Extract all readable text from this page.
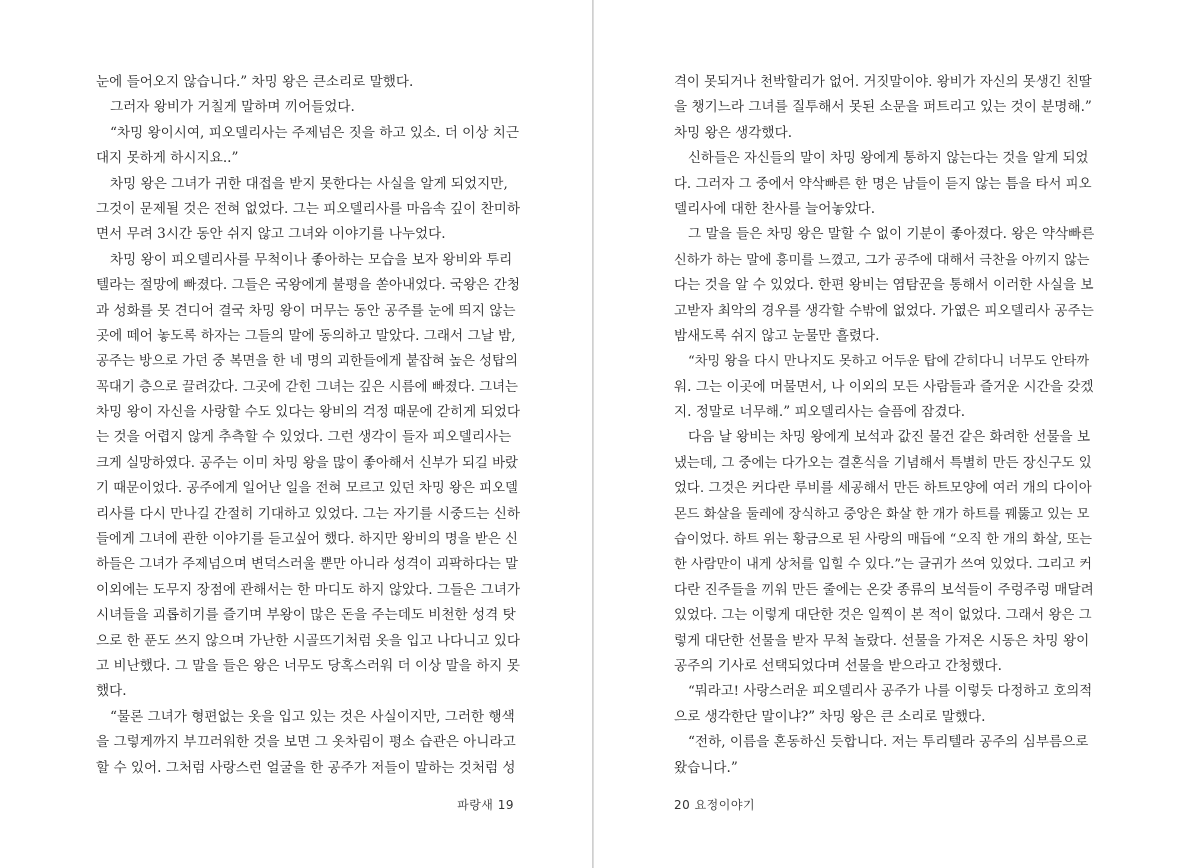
눈에 들어오지 않습니다.” 차밍 왕은 큰소리로 말했다.
그러자 왕비가 거칠게 말하며 끼어들었다.
“차밍 왕이시여, 피오델리사는 주제넘은 짓을 하고 있소. 더 이상 치근
대지 못하게 하시지요..”
차밍 왕은 그녀가 귀한 대접을 받지 못한다는 사실을 알게 되었지만,
그것이 문제될 것은 전혀 없었다. 그는 피오델리사를 마음속 깊이 찬미하
면서 무려 3시간 동안 쉬지 않고 그녀와 이야기를 나누었다.
차밍 왕이 피오델리사를 무척이나 좋아하는 모습을 보자 왕비와 투리
텔라는 절망에 빠졌다. 그들은 국왕에게 불평을 쏟아내었다. 국왕은 간청
과 성화를 못 견디어 결국 차밍 왕이 머무는 동안 공주를 눈에 띄지 않는
곳에 떼어 놓도록 하자는 그들의 말에 동의하고 말았다. 그래서 그날 밤,
공주는 방으로 가던 중 복면을 한 네 명의 괴한들에게 붙잡혀 높은 성탑의
꼭대기 층으로 끌려갔다. 그곳에 갇힌 그녀는 깊은 시름에 빠졌다. 그녀는
차밍 왕이 자신을 사랑할 수도 있다는 왕비의 걱정 때문에 갇히게 되었다
는 것을 어렵지 않게 추측할 수 있었다. 그런 생각이 들자 피오델리사는
크게 실망하였다. 공주는 이미 차밍 왕을 많이 좋아해서 신부가 되길 바랐
기 때문이었다. 공주에게 일어난 일을 전혀 모르고 있던 차밍 왕은 피오델
리사를 다시 만나길 간절히 기대하고 있었다. 그는 자기를 시중드는 신하
들에게 그녀에 관한 이야기를 듣고싶어 했다. 하지만 왕비의 명을 받은 신
하들은 그녀가 주제넘으며 변덕스러울 뿐만 아니라 성격이 괴팍하다는 말
이외에는 도무지 장점에 관해서는 한 마디도 하지 않았다. 그들은 그녀가
시녀들을 괴롭히기를 즐기며 부왕이 많은 돈을 주는데도 비천한 성격 탓
으로 한 푼도 쓰지 않으며 가난한 시골뜨기처럼 옷을 입고 나다니고 있다
고 비난했다. 그 말을 들은 왕은 너무도 당혹스러워 더 이상 말을 하지 못
했다.
“물론 그녀가 형편없는 옷을 입고 있는 것은 사실이지만, 그러한 행색
을 그렇게까지 부끄러워한 것을 보면 그 옷차림이 평소 습관은 아니라고
할 수 있어. 그처럼 사랑스런 얼굴을 한 공주가 저들이 말하는 것처럼 성
파랑새 19
격이 못되거나 천박할리가 없어. 거짓말이야. 왕비가 자신의 못생긴 친딸
을 챙기느라 그녀를 질투해서 못된 소문을 퍼트리고 있는 것이 분명해.”
차밍 왕은 생각했다.
신하들은 자신들의 말이 차밍 왕에게 통하지 않는다는 것을 알게 되었
다. 그러자 그 중에서 약삭빠른 한 명은 남들이 듣지 않는 틈을 타서 피오
델리사에 대한 찬사를 늘어놓았다.
그 말을 들은 차밍 왕은 말할 수 없이 기분이 좋아졌다. 왕은 약삭빠른
신하가 하는 말에 흥미를 느꼈고, 그가 공주에 대해서 극찬을 아끼지 않는
다는 것을 알 수 있었다. 한편 왕비는 염탐꾼을 통해서 이러한 사실을 보
고받자 최악의 경우를 생각할 수밖에 없었다. 가엾은 피오델리사 공주는
밤새도록 쉬지 않고 눈물만 흘렸다.
“차밍 왕을 다시 만나지도 못하고 어두운 탑에 갇히다니 너무도 안타까
워. 그는 이곳에 머물면서, 나 이외의 모든 사람들과 즐거운 시간을 갖겠
지. 정말로 너무해.” 피오델리사는 슬픔에 잠겼다.
다음 날 왕비는 차밍 왕에게 보석과 값진 물건 같은 화려한 선물을 보
냈는데, 그 중에는 다가오는 결혼식을 기념해서 특별히 만든 장신구도 있
었다. 그것은 커다란 루비를 세공해서 만든 하트모양에 여러 개의 다이아
몬드 화살을 둘레에 장식하고 중앙은 화살 한 개가 하트를 꿰뚫고 있는 모
습이었다. 하트 위는 황금으로 된 사랑의 매듭에 “오직 한 개의 화살, 또는
한 사람만이 내게 상처를 입힐 수 있다.”는 글귀가 쓰여 있었다. 그리고 커
다란 진주들을 끼워 만든 줄에는 온갖 종류의 보석들이 주렁주렁 매달려
있었다. 그는 이렇게 대단한 것은 일찍이 본 적이 없었다. 그래서 왕은 그
렇게 대단한 선물을 받자 무척 놀랐다. 선물을 가져온 시동은 차밍 왕이
공주의 기사로 선택되었다며 선물을 받으라고 간청했다.
“뭐라고! 사랑스러운 피오델리사 공주가 나를 이렇듯 다정하고 호의적
으로 생각한단 말이냐?” 차밍 왕은 큰 소리로 말했다.
“전하, 이름을 혼동하신 듯합니다. 저는 투리텔라 공주의 심부름으로
왔습니다.”
20 요정이야기
